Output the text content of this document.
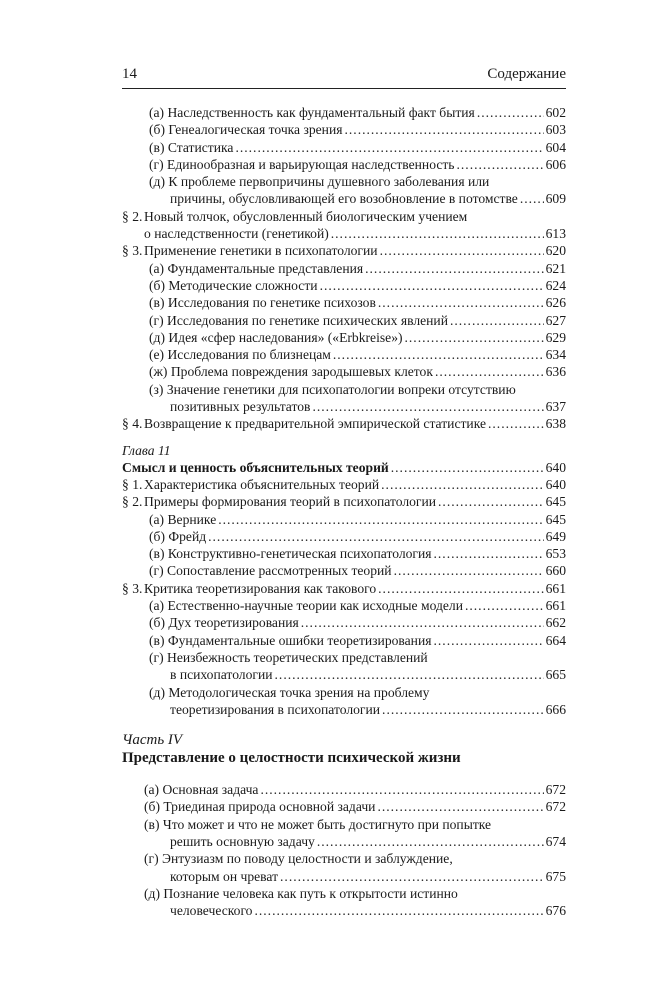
14	Содержание
(а) Наследственность как фундаментальный факт бытия . . .	602
(б) Генеалогическая точка зрения . . .	603
(в) Статистика . . .	604
(г) Единообразная и варьирующая наследственность . . .	606
(д) К проблеме первопричины душевного заболевания или
причины, обусловливающей его возобновление в потомстве . . . 609
§ 2. Новый толчок, обусловленный биологическим учением
о наследственности (генетикой) . . .	613
§ 3. Применение генетики в психопатологии . . .	620
(а) Фундаментальные представления . . .	621
(б) Методические сложности . . .	624
(в) Исследования по генетике психозов . . .	626
(г) Исследования по генетике психических явлений . . .	627
(д) Идея «сфер наследования» («Erbkreise») . . .	629
(е) Исследования по близнецам . . .	634
(ж) Проблема повреждения зародышевых клеток . . .	636
(з) Значение генетики для психопатологии вопреки отсутствию
позитивных результатов . . .	637
§ 4. Возвращение к предварительной эмпирической статистике . . .	638
Глава 11
Смысл и ценность объяснительных теорий . . .	640
§ 1. Характеристика объяснительных теорий . . .	640
§ 2. Примеры формирования теорий в психопатологии . . .	645
(а) Вернике . . .	645
(б) Фрейд . . .	649
(в) Конструктивно-генетическая психопатология . . .	653
(г) Сопоставление рассмотренных теорий . . .	660
§ 3. Критика теоретизирования как такового . . .	661
(а) Естественно-научные теории как исходные модели . . .	661
(б) Дух теоретизирования . . .	662
(в) Фундаментальные ошибки теоретизирования . . .	664
(г) Неизбежность теоретических представлений
в психопатологии . . .	665
(д) Методологическая точка зрения на проблему
теоретизирования в психопатологии . . .	666
Часть IV
Представление о целостности психической жизни
(а) Основная задача . . .	672
(б) Триединая природа основной задачи . . .	672
(в) Что может и что не может быть достигнуто при попытке
решить основную задачу . . .	674
(г) Энтузиазм по поводу целостности и заблуждение,
которым он чреват . . .	675
(д) Познание человека как путь к открытости истинно
человеческого . . .	676
